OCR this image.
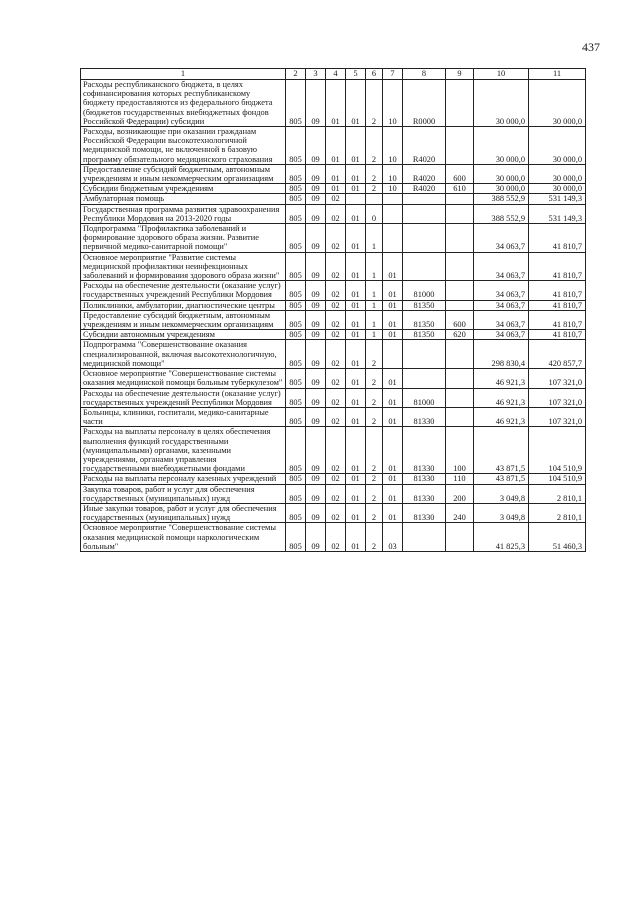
437
1	2	3	4	5	6	7	8	9	10	11
Расходы республиканского бюджета, в целях софинансирования которых республиканскому бюджету предоставляются из федерального бюджета (бюджетов государственных внебюджетных фондов Российской Федерации) субсидии	805	09	01	01	2	10	R0000		30 000,0	30 000,0
Расходы, возникающие при оказании гражданам Российской Федерации высокотехнологичной медицинской помощи, не включенной в базовую программу обязательного медицинского страхования	805	09	01	01	2	10	R4020		30 000,0	30 000,0
Предоставление субсидий бюджетным, автономным учреждениям и иным некоммерческим организациям	805	09	01	01	2	10	R4020	600	30 000,0	30 000,0
Субсидии бюджетным учреждениям	805	09	01	01	2	10	R4020	610	30 000,0	30 000,0
Амбулаторная помощь	805	09	02						388 552,9	531 149,3
Государственная программа развития здравоохранения Республики Мордовия на 2013-2020 годы	805	09	02	01	0				388 552,9	531 149,3
Подпрограмма "Профилактика заболеваний и формирование здорового образа жизни. Развитие первичной медико-санитарной помощи"	805	09	02	01	1				34 063,7	41 810,7
Основное мероприятие "Развитие системы медицинской профилактики неинфекционных заболеваний и формирования здорового образа жизни"	805	09	02	01	1	01			34 063,7	41 810,7
Расходы на обеспечение деятельности (оказание услуг) государственных учреждений Республики Мордовия	805	09	02	01	1	01	81000		34 063,7	41 810,7
Поликлиники, амбулатории, диагностические центры	805	09	02	01	1	01	81350		34 063,7	41 810,7
Предоставление субсидий бюджетным, автономным учреждениям и иным некоммерческим организациям	805	09	02	01	1	01	81350	600	34 063,7	41 810,7
Субсидии автономным учреждениям	805	09	02	01	1	01	81350	620	34 063,7	41 810,7
Подпрограмма "Совершенствование оказания специализированной, включая высокотехнологичную, медицинской помощи"	805	09	02	01	2				298 830,4	420 857,7
Основное мероприятие "Совершенствование системы оказания медицинской помощи больным туберкулезом"	805	09	02	01	2	01			46 921,3	107 321,0
Расходы на обеспечение деятельности (оказание услуг) государственных учреждений Республики Мордовия	805	09	02	01	2	01	81000		46 921,3	107 321,0
Больницы, клиники, госпитали, медико-санитарные части	805	09	02	01	2	01	81330		46 921,3	107 321,0
Расходы на выплаты персоналу в целях обеспечения выполнения функций государственными (муниципальными) органами, казенными учреждениями, органами управления государственными внебюджетными фондами	805	09	02	01	2	01	81330	100	43 871,5	104 510,9
Расходы на выплаты персоналу казенных учреждений	805	09	02	01	2	01	81330	110	43 871,5	104 510,9
Закупка товаров, работ и услуг для обеспечения государственных (муниципальных) нужд	805	09	02	01	2	01	81330	200	3 049,8	2 810,1
Иные закупки товаров, работ и услуг для обеспечения государственных (муниципальных) нужд	805	09	02	01	2	01	81330	240	3 049,8	2 810,1
Основное мероприятие "Совершенствование системы оказания медицинской помощи наркологическим больным"	805	09	02	01	2	03			41 825,3	51 460,3
